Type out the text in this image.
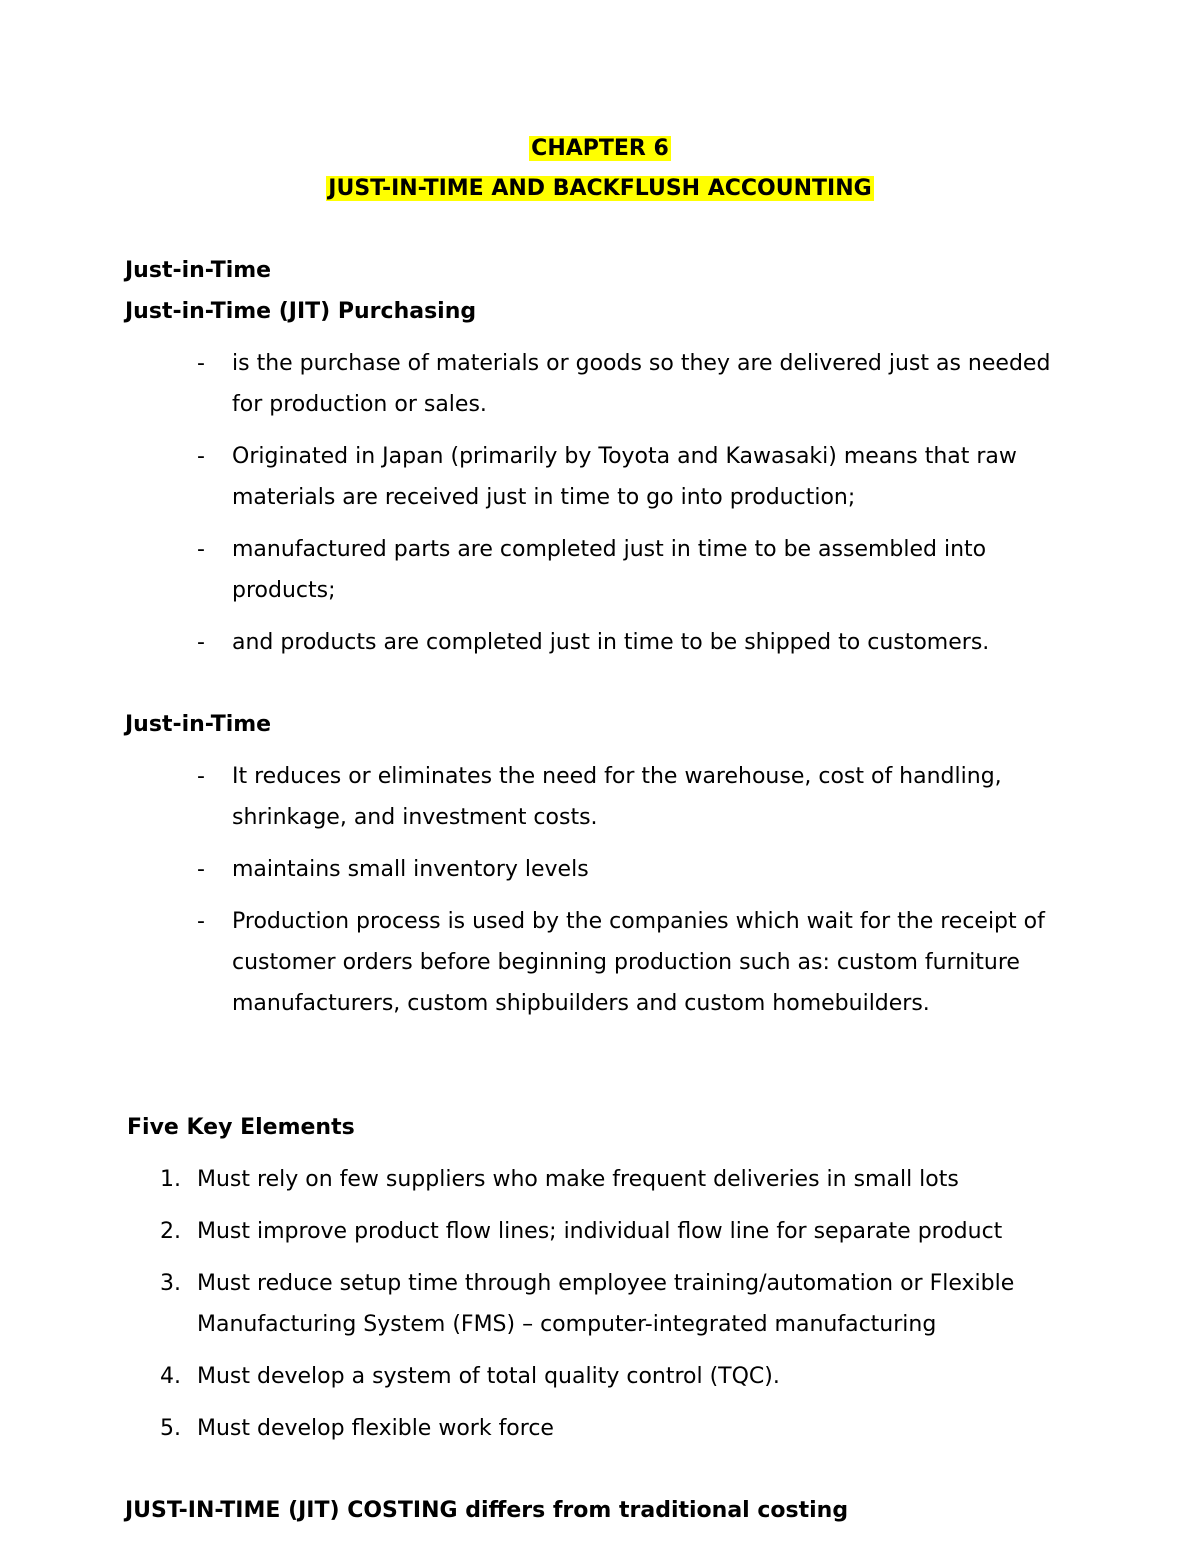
CHAPTER 6
JUST-IN-TIME AND BACKFLUSH ACCOUNTING
Just-in-Time
Just-in-Time (JIT) Purchasing
- is the purchase of materials or goods so they are delivered just as needed for production or sales.
- Originated in Japan (primarily by Toyota and Kawasaki) means that raw materials are received just in time to go into production;
- manufactured parts are completed just in time to be assembled into products;
- and products are completed just in time to be shipped to customers.
Just-in-Time
- It reduces or eliminates the need for the warehouse, cost of handling, shrinkage, and investment costs.
- maintains small inventory levels
- Production process is used by the companies which wait for the receipt of customer orders before beginning production such as: custom furniture manufacturers, custom shipbuilders and custom homebuilders.
Five Key Elements
1. Must rely on few suppliers who make frequent deliveries in small lots
2. Must improve product flow lines; individual flow line for separate product
3. Must reduce setup time through employee training/automation or Flexible Manufacturing System (FMS) – computer-integrated manufacturing
4. Must develop a system of total quality control (TQC).
5. Must develop flexible work force
JUST-IN-TIME (JIT) COSTING differs from traditional costing
